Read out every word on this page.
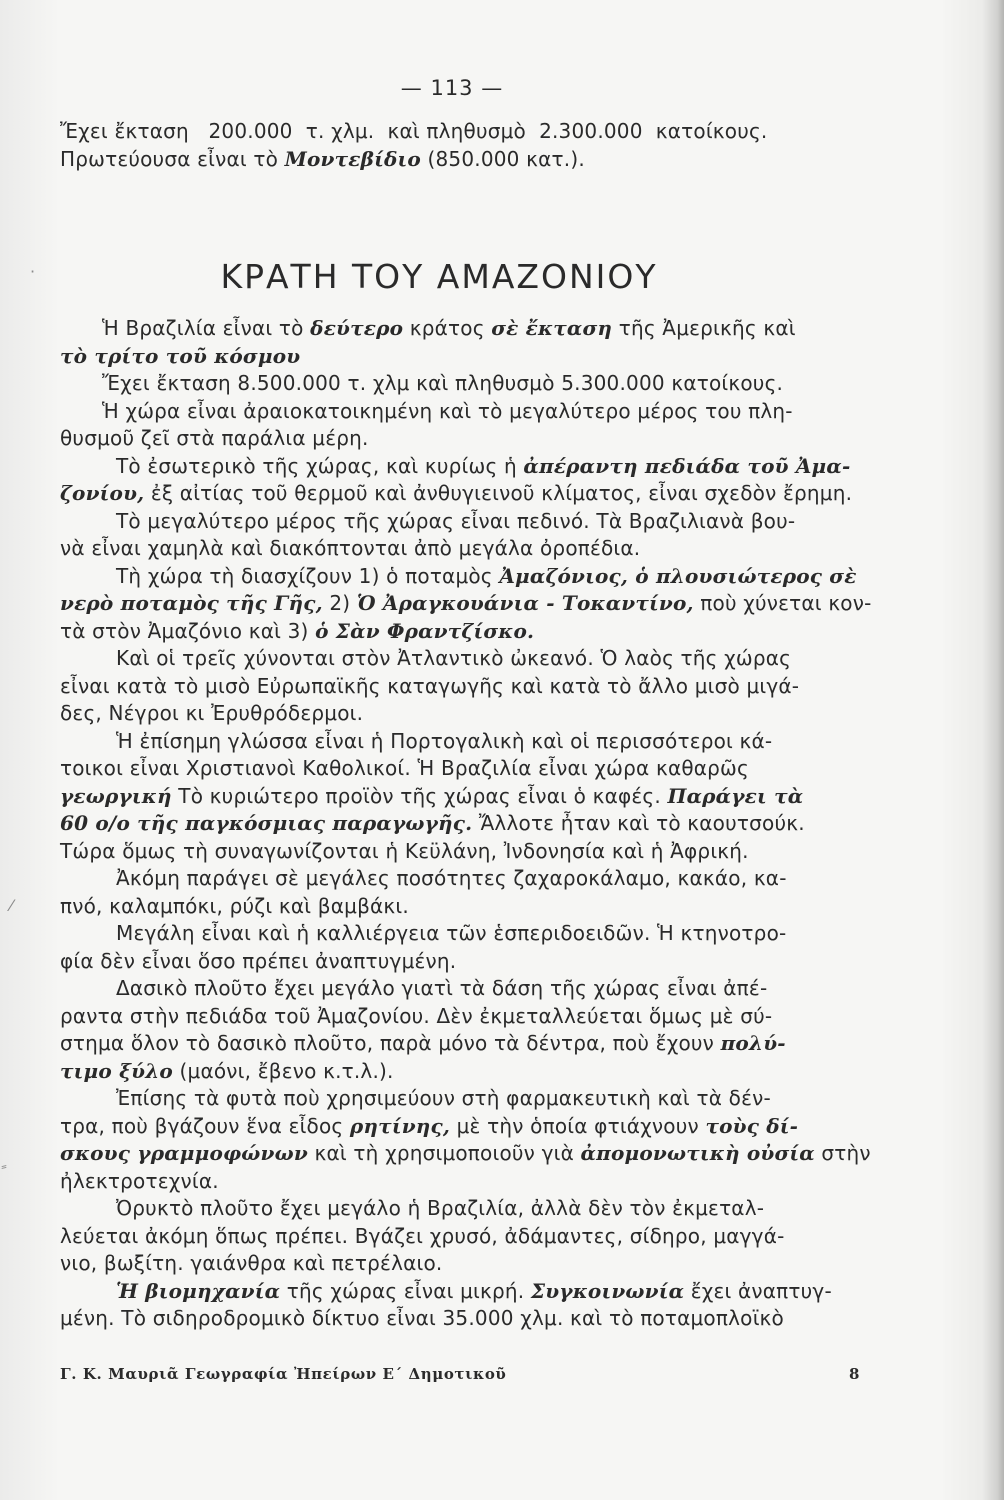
— 113 —
·
⁄
Ἔχει ἔκταση   200.000  τ. χλμ.  καὶ πληθυσμὸ  2.300.000  κατοίκους.
Πρωτεύουσα εἶναι τὸ Μοντεβίδιο (850.000 κατ.).
ΚΡΑΤΗ ΤΟΥ ΑΜΑΖΟΝΙΟΥ
Ἡ Βραζιλία εἶναι τὸ δεύτερο κράτος σὲ ἔκταση τῆς Ἀμερικῆς καὶ
τὸ τρίτο τοῦ κόσμου
Ἔχει ἔκταση 8.500.000 τ. χλμ καὶ πληθυσμὸ 5.300.000 κατοίκους.
Ἡ χώρα εἶναι ἀραιοκατοικημένη καὶ τὸ μεγαλύτερο μέρος του πλη-
θυσμοῦ ζεῖ στὰ παράλια μέρη.
Τὸ ἐσωτερικὸ τῆς χώρας, καὶ κυρίως ἡ ἀπέραντη πεδιάδα τοῦ Ἀμα-
ζονίου, ἐξ αἰτίας τοῦ θερμοῦ καὶ ἀνθυγιεινοῦ κλίματος, εἶναι σχεδὸν ἔρημη.
Τὸ μεγαλύτερο μέρος τῆς χώρας εἶναι πεδινό. Τὰ Βραζιλιανὰ βου-
νὰ εἶναι χαμηλὰ καὶ διακόπτονται ἀπὸ μεγάλα ὀροπέδια.
Τὴ χώρα τὴ διασχίζουν 1) ὁ ποταμὸς Ἀμαζόνιος, ὁ πλουσιώτερος σὲ
νερὸ ποταμὸς τῆς Γῆς, 2) Ὁ Ἀραγκουάνια - Τοκαντίνο, ποὺ χύνεται κον-
τὰ στὸν Ἀμαζόνιο καὶ 3) ὁ Σὰν Φραντζίσκο.
Καὶ οἱ τρεῖς χύνονται στὸν Ἀτλαντικὸ ὠκεανό. Ὁ λαὸς τῆς χώρας
εἶναι κατὰ τὸ μισὸ Εὐρωπαϊκῆς καταγωγῆς καὶ κατὰ τὸ ἄλλο μισὸ μιγά-
δες, Νέγροι κι Ἐρυθρόδερμοι.
Ἡ ἐπίσημη γλώσσα εἶναι ἡ Πορτογαλικὴ καὶ οἱ περισσότεροι κά-
τοικοι εἶναι Χριστιανοὶ Καθολικοί. Ἡ Βραζιλία εἶναι χώρα καθαρῶς
γεωργική Τὸ κυριώτερο προϊὸν τῆς χώρας εἶναι ὁ καφές. Παράγει τὰ
60 ο/ο τῆς παγκόσμιας παραγωγῆς. Ἄλλοτε ἦταν καὶ τὸ καουτσούκ.
Τώρα ὅμως τὴ συναγωνίζονται ἡ Κεϋλάνη, Ἰνδονησία καὶ ἡ Ἀφρική.
Ἀκόμη παράγει σὲ μεγάλες ποσότητες ζαχαροκάλαμο, κακάο, κα-
πνό, καλαμπόκι, ρύζι καὶ βαμβάκι.
Μεγάλη εἶναι καὶ ἡ καλλιέργεια τῶν ἑσπεριδοειδῶν. Ἡ κτηνοτρο-
φία δὲν εἶναι ὅσο πρέπει ἀναπτυγμένη.
Δασικὸ πλοῦτο ἔχει μεγάλο γιατὶ τὰ δάση τῆς χώρας εἶναι ἀπέ-
ραντα στὴν πεδιάδα τοῦ Ἀμαζονίου. Δὲν ἐκμεταλλεύεται ὅμως μὲ σύ-
στημα ὅλον τὸ δασικὸ πλοῦτο, παρὰ μόνο τὰ δέντρα, ποὺ ἔχουν πολύ-
τιμο ξύλο (μαόνι, ἔβενο κ.τ.λ.).
Ἐπίσης τὰ φυτὰ ποὺ χρησιμεύουν στὴ φαρμακευτικὴ καὶ τὰ δέν-
τρα, ποὺ βγάζουν ἕνα εἶδος ρητίνης, μὲ τὴν ὁποία φτιάχνουν τοὺς δί-
σκους γραμμοφώνων καὶ τὴ χρησιμοποιοῦν γιὰ ἀπομονωτικὴ οὐσία στὴν
ἠλεκτροτεχνία.
Ὀρυκτὸ πλοῦτο ἔχει μεγάλο ἡ Βραζιλία, ἀλλὰ δὲν τὸν ἐκμεταλ-
λεύεται ἀκόμη ὅπως πρέπει. Βγάζει χρυσό, ἀδάμαντες, σίδηρο, μαγγά-
νιο, βωξίτη. γαιάνθρα καὶ πετρέλαιο.
Ἡ βιομηχανία τῆς χώρας εἶναι μικρή. Συγκοινωνία ἔχει ἀναπτυγ-
μένη. Τὸ σιδηροδρομικὸ δίκτυο εἶναι 35.000 χλμ. καὶ τὸ ποταμοπλοϊκὸ
Γ. Κ. Μαυριᾶ Γεωγραφία Ἠπείρων Ε΄ Δημοτικοῦ	8
